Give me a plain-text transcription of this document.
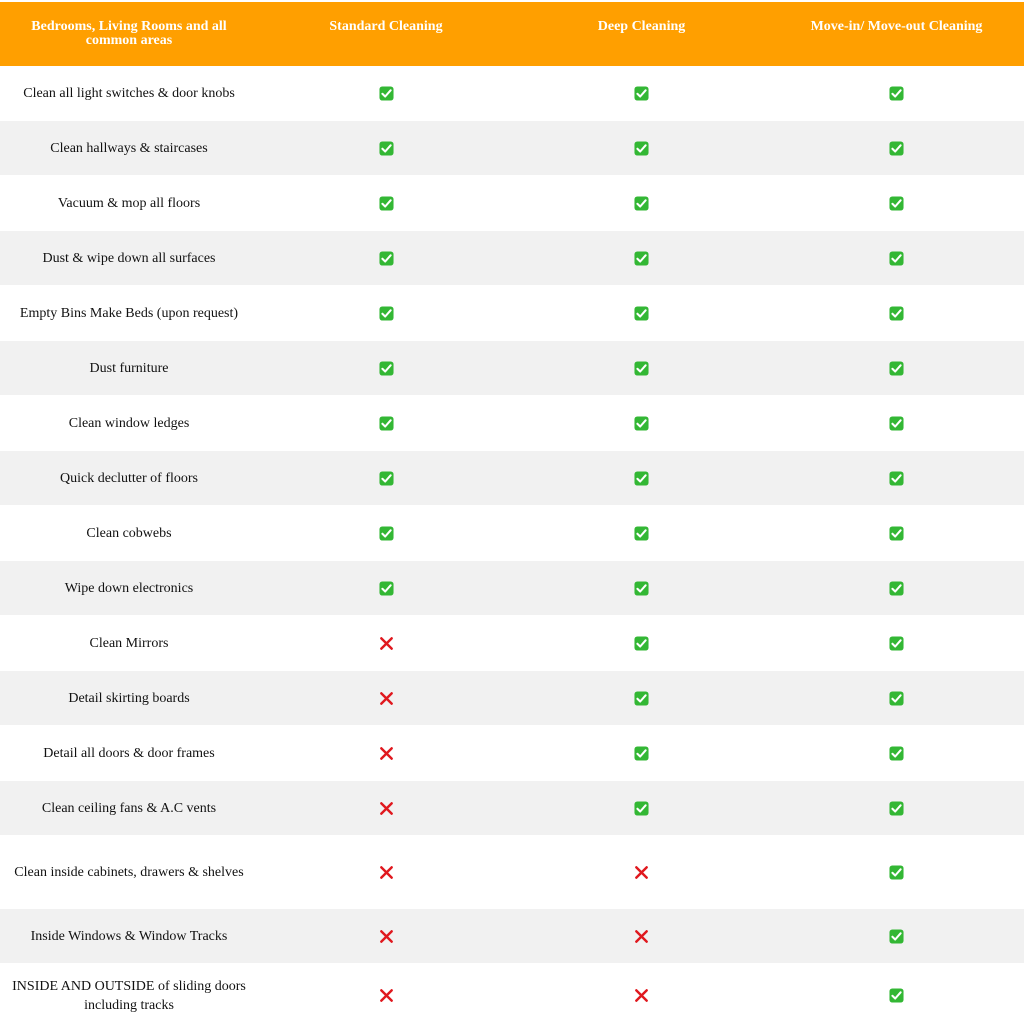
Bedrooms, Living Rooms and all common areas
Standard Cleaning	Deep Cleaning	Move-in/ Move-out Cleaning
Clean all light switches & door knobs
Clean hallways & staircases
Vacuum & mop all floors
Dust & wipe down all surfaces
Empty Bins Make Beds (upon request)
Dust furniture
Clean window ledges
Quick declutter of floors
Clean cobwebs
Wipe down electronics
Clean Mirrors
Detail skirting boards
Detail all doors & door frames
Clean ceiling fans & A.C vents
Clean inside cabinets, drawers & shelves
Inside Windows & Window Tracks
INSIDE AND OUTSIDE of sliding doors including tracks
